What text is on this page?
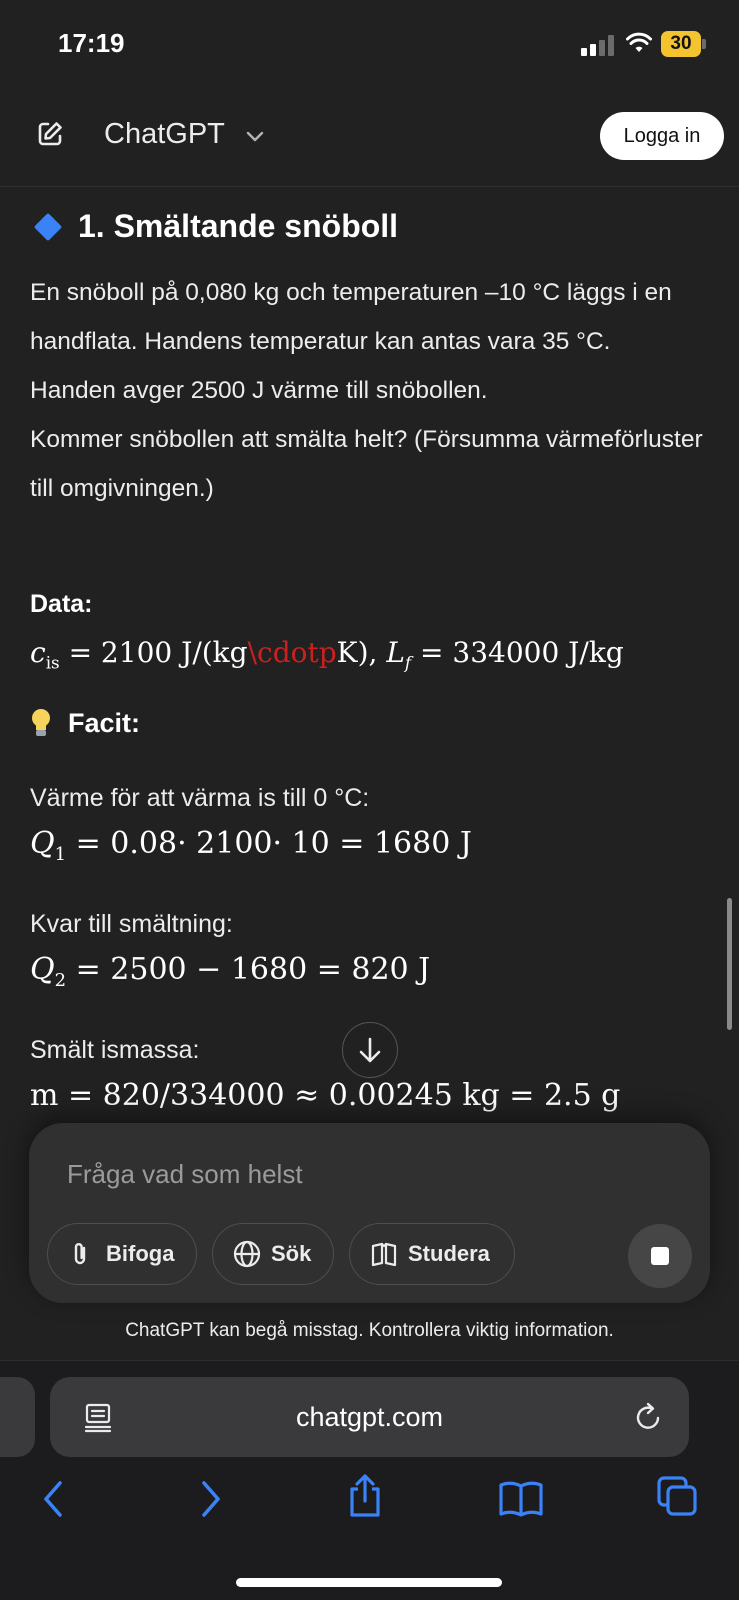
17:19	30
ChatGPT	Logga in
1. Smältande snöboll
En snöboll på 0,080 kg och temperaturen –10 °C läggs i en handflata. Handens temperatur kan antas vara 35 °C.
Handen avger 2500 J värme till snöbollen.
Kommer snöbollen att smälta helt? (Försumma värmeförluster till omgivningen.)
Data:
$c_{is} = 2100$ J/(kg\cdotpK), $L_f = 334000$ J/kg
Facit:
Värme för att värma is till 0 °C:
$Q_1 = 0.08\cdot 2100\cdot 10 = 1680$ J
Kvar till smältning:
$Q_2 = 2500 - 1680 = 820$ J
Smält ismassa:
m = 820/334000 ≈ 0.00245 kg = 2.5 g
Fråga vad som helst
Bifoga	Sök	Studera
ChatGPT kan begå misstag. Kontrollera viktig information.
chatgpt.com
